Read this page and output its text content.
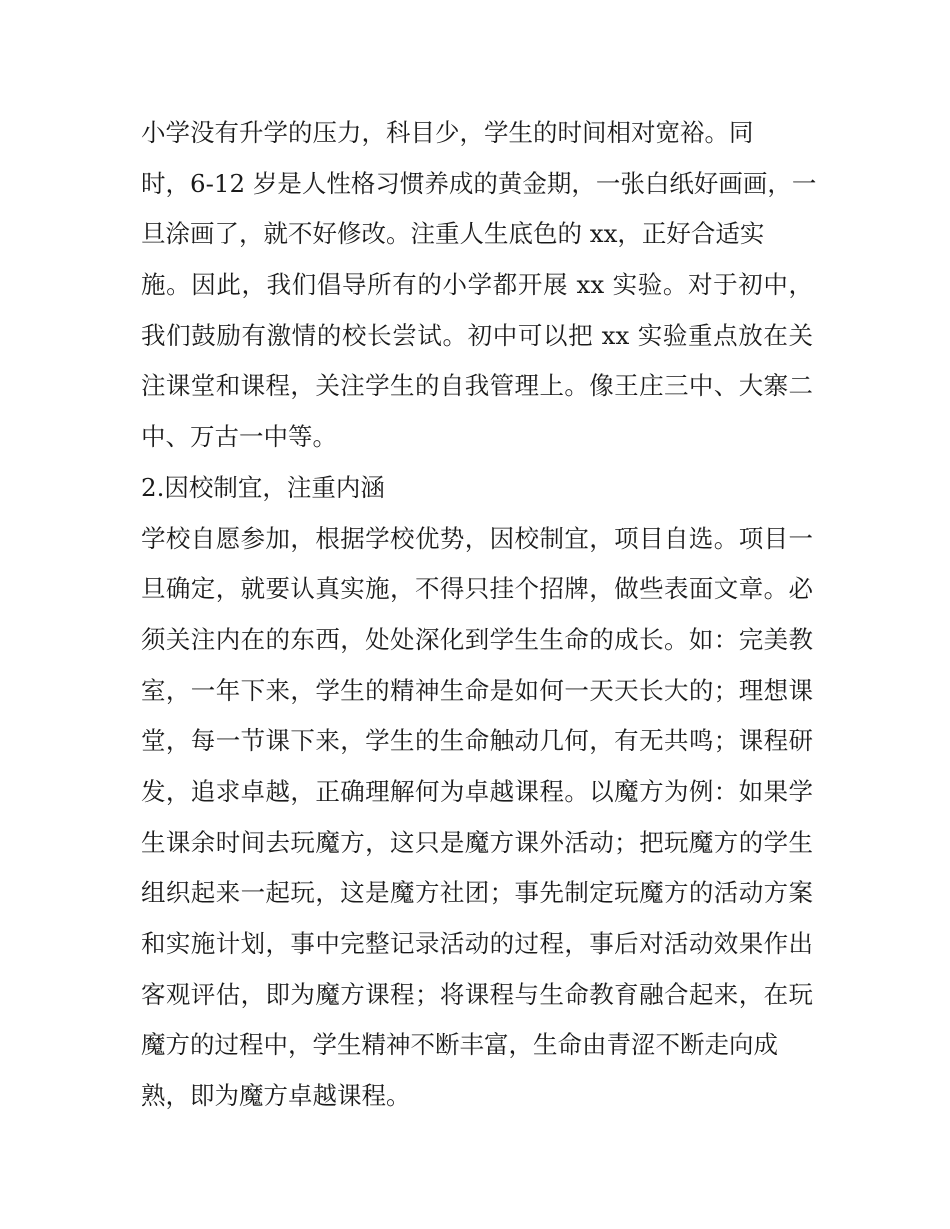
小学没有升学的压力，科目少，学生的时间相对宽裕。同
时，6-12 岁是人性格习惯养成的黄金期，一张白纸好画画，一
旦涂画了，就不好修改。注重人生底色的 xx，正好合适实
施。因此，我们倡导所有的小学都开展 xx 实验。对于初中，
我们鼓励有激情的校长尝试。初中可以把 xx 实验重点放在关
注课堂和课程，关注学生的自我管理上。像王庄三中、大寨二
中、万古一中等。
2.因校制宜，注重内涵
学校自愿参加，根据学校优势，因校制宜，项目自选。项目一
旦确定，就要认真实施，不得只挂个招牌，做些表面文章。必
须关注内在的东西，处处深化到学生生命的成长。如：完美教
室，一年下来，学生的精神生命是如何一天天长大的；理想课
堂，每一节课下来，学生的生命触动几何，有无共鸣；课程研
发，追求卓越，正确理解何为卓越课程。以魔方为例：如果学
生课余时间去玩魔方，这只是魔方课外活动；把玩魔方的学生
组织起来一起玩，这是魔方社团；事先制定玩魔方的活动方案
和实施计划，事中完整记录活动的过程，事后对活动效果作出
客观评估，即为魔方课程；将课程与生命教育融合起来，在玩
魔方的过程中，学生精神不断丰富，生命由青涩不断走向成
熟，即为魔方卓越课程。
